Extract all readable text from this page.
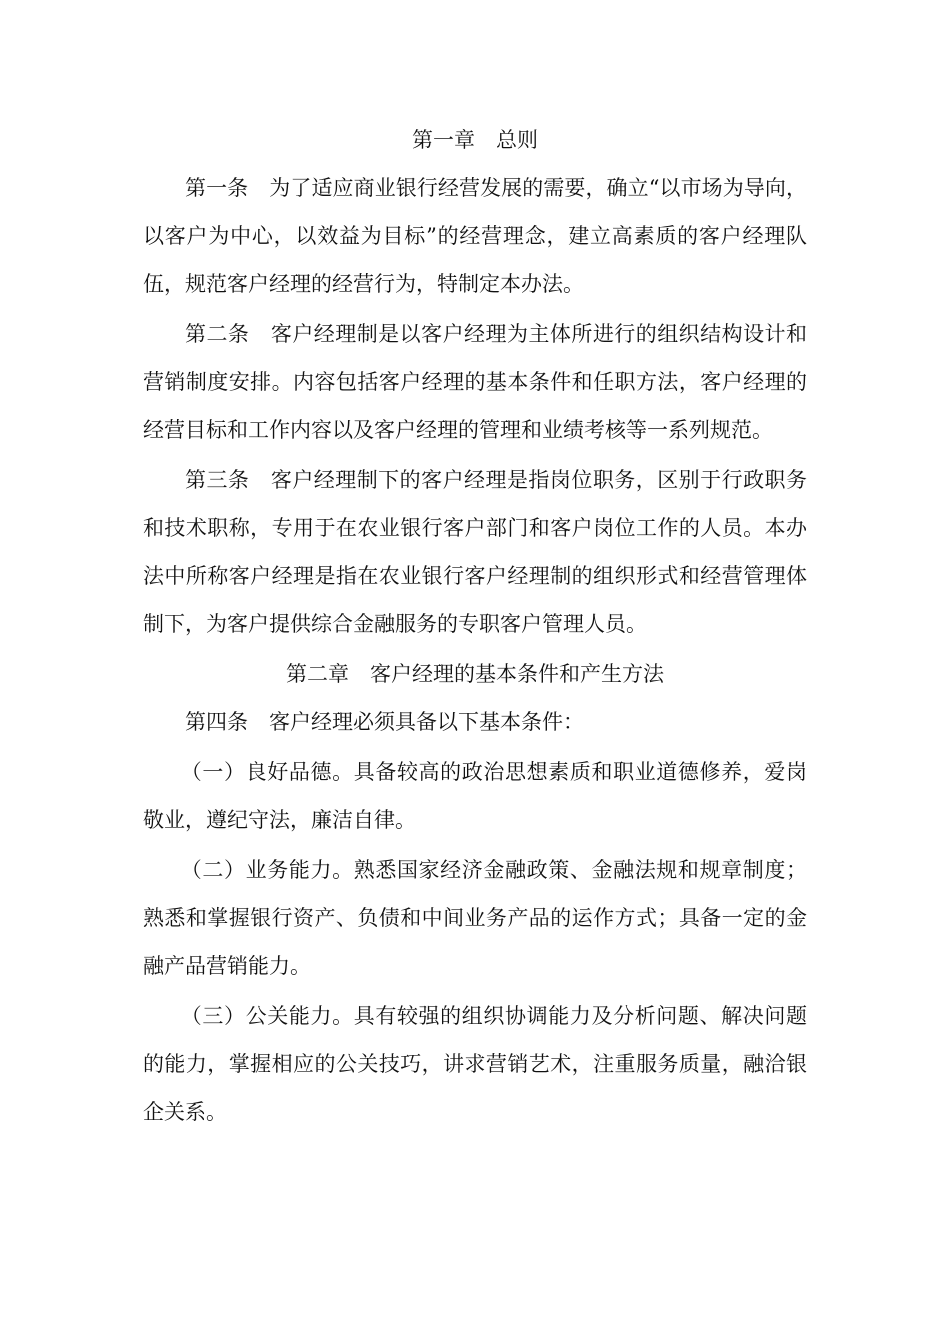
第一章　总则

第一条　为了适应商业银行经营发展的需要，确立“以市场为导向，以客户为中心，以效益为目标”的经营理念，建立高素质的客户经理队伍，规范客户经理的经营行为，特制定本办法。

第二条　客户经理制是以客户经理为主体所进行的组织结构设计和营销制度安排。内容包括客户经理的基本条件和任职方法，客户经理的经营目标和工作内容以及客户经理的管理和业绩考核等一系列规范。

第三条　客户经理制下的客户经理是指岗位职务，区别于行政职务和技术职称，专用于在农业银行客户部门和客户岗位工作的人员。本办法中所称客户经理是指在农业银行客户经理制的组织形式和经营管理体制下，为客户提供综合金融服务的专职客户管理人员。

第二章　客户经理的基本条件和产生方法

第四条　客户经理必须具备以下基本条件：

（一）良好品德。具备较高的政治思想素质和职业道德修养，爱岗敬业，遵纪守法，廉洁自律。

（二）业务能力。熟悉国家经济金融政策、金融法规和规章制度；熟悉和掌握银行资产、负债和中间业务产品的运作方式；具备一定的金融产品营销能力。

（三）公关能力。具有较强的组织协调能力及分析问题、解决问题的能力，掌握相应的公关技巧，讲求营销艺术，注重服务质量，融洽银企关系。
